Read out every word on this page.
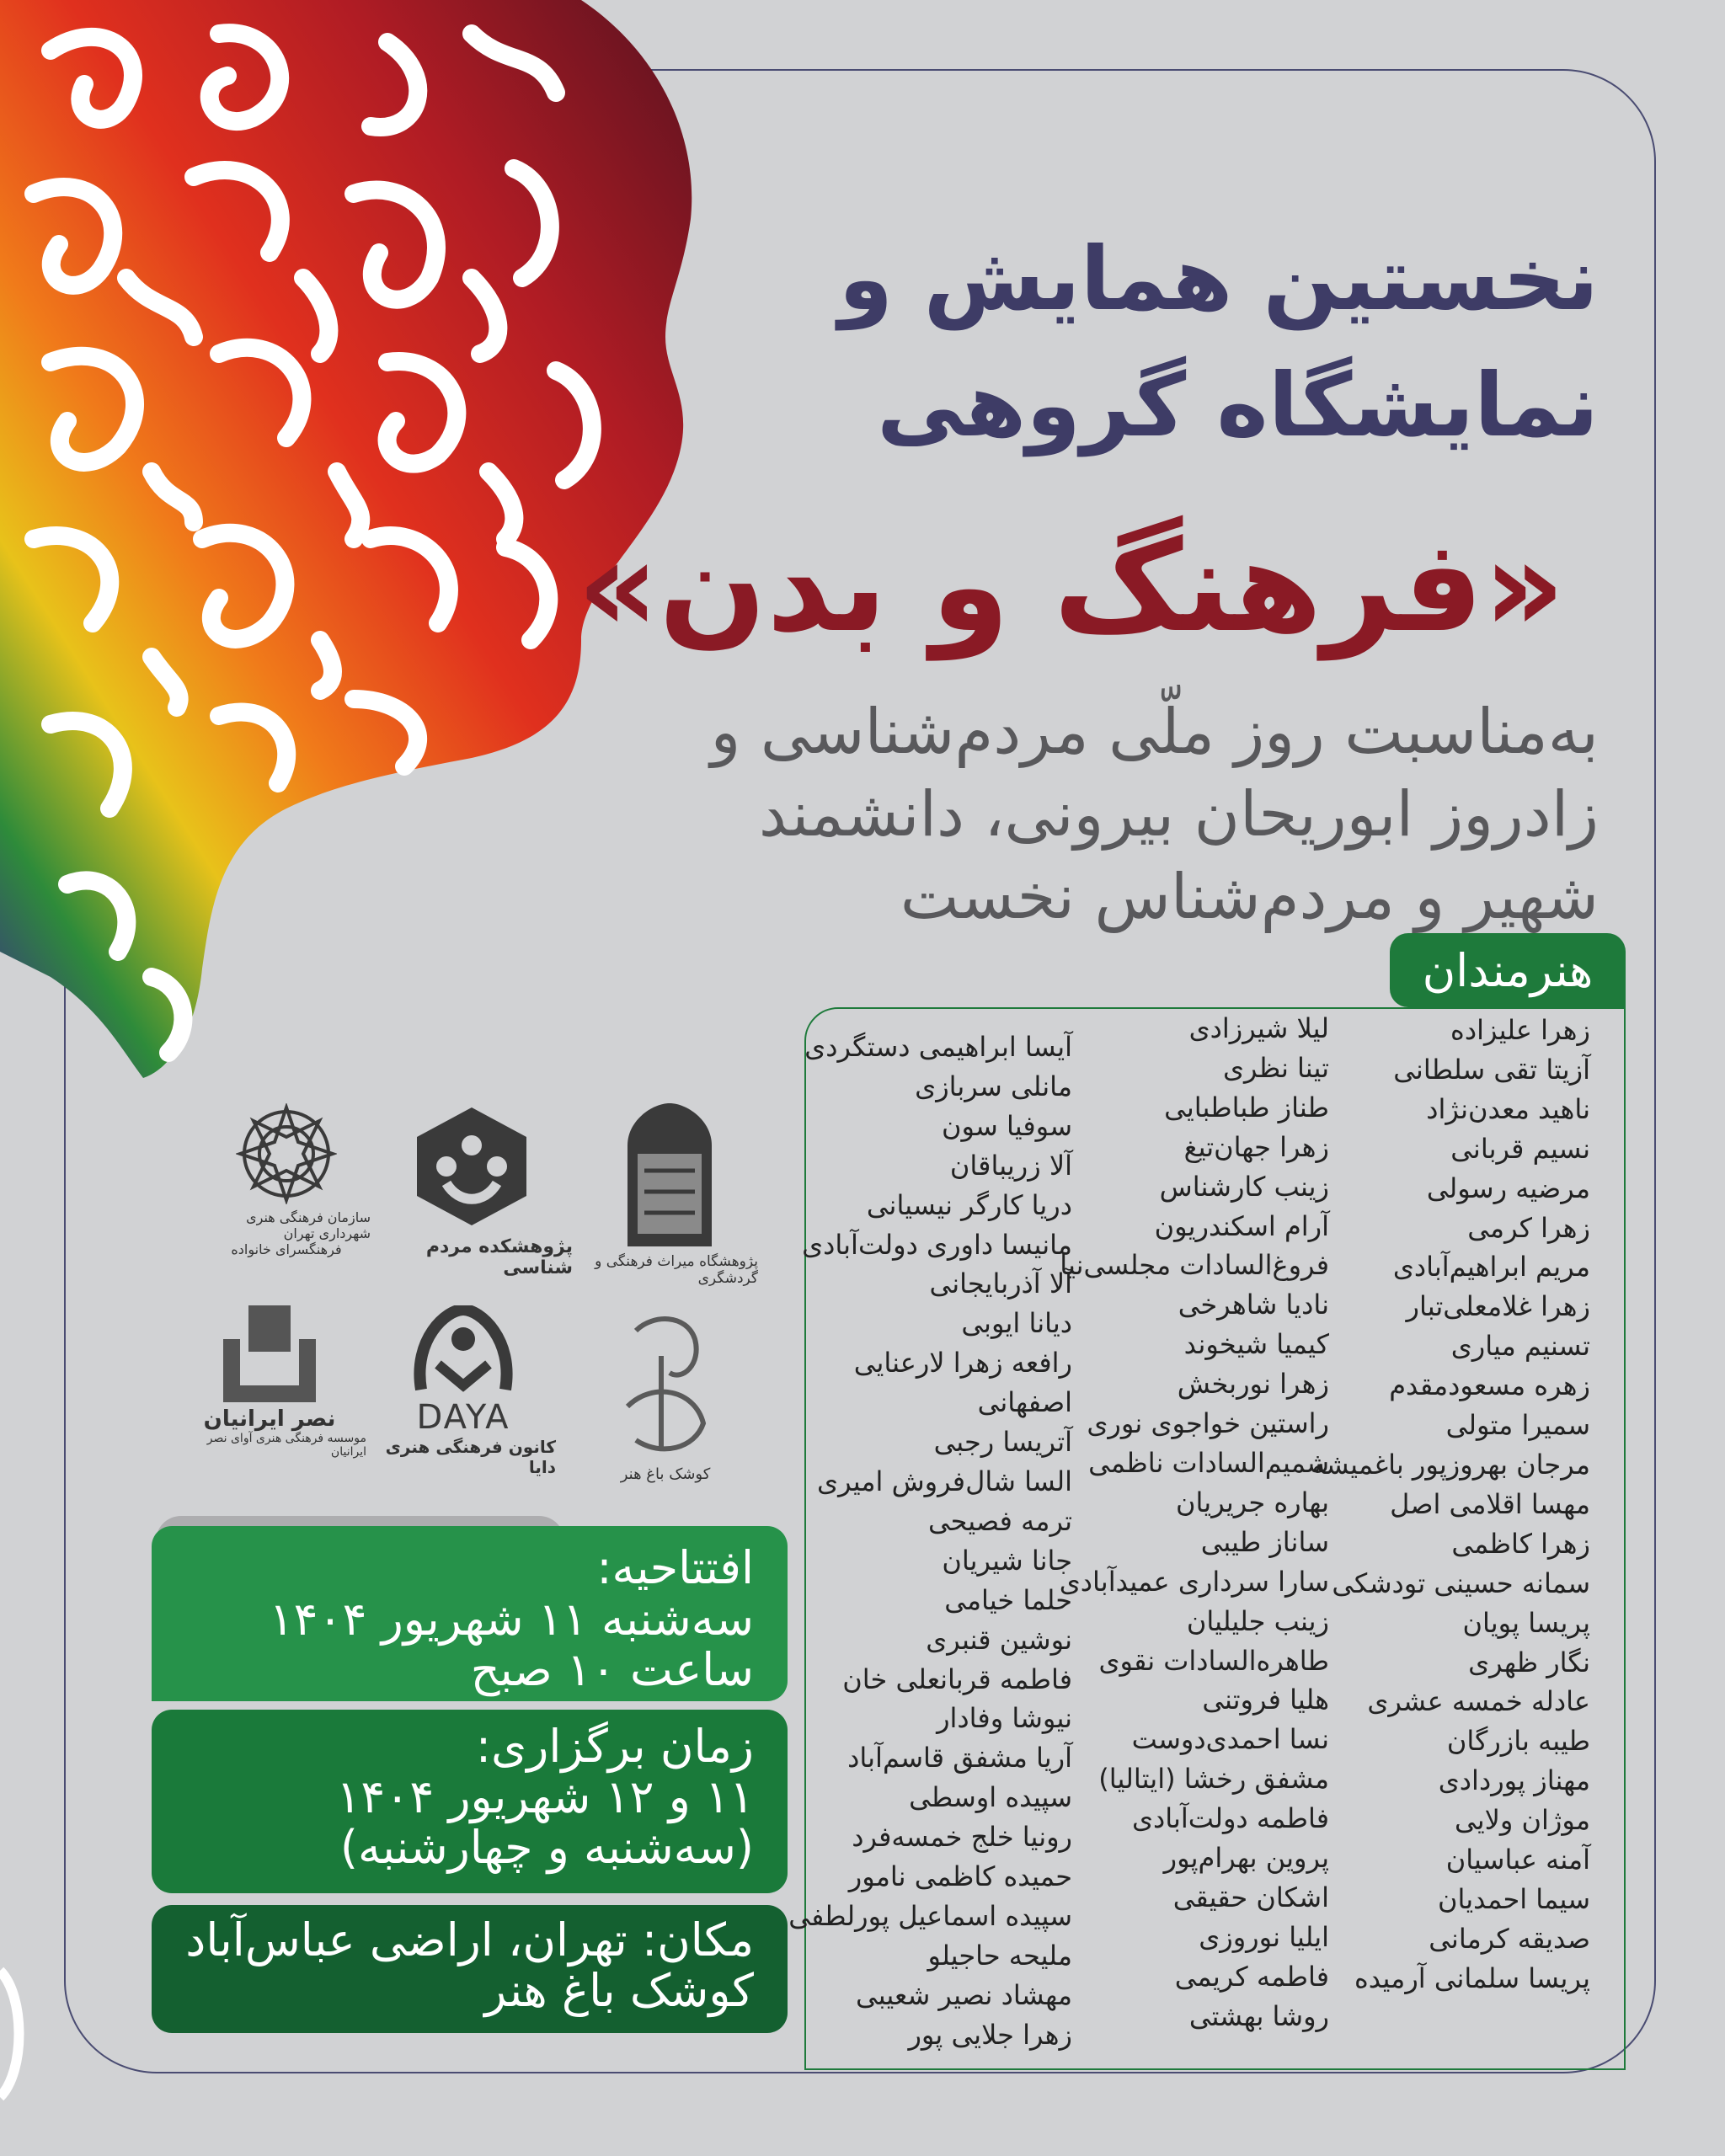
نخستین همایش و
نمایشگاه گروهی
«فرهنگ و بدن»
به‌مناسبت روز ملّی مردم‌شناسی و
زادروز ابوریحان بیرونی، دانشمند
شهیر و مردم‌شناس نخست
هنرمندان
زهرا علیزاده
آزیتا تقی سلطانی
ناهید معدن‌نژاد
نسیم قربانی
مرضیه رسولی
زهرا کرمی
مریم ابراهیم‌آبادی
زهرا غلامعلی‌تبار
تسنیم میاری
زهره مسعودمقدم
سمیرا متولی
مرجان بهروزپور باغمیشه
مهسا اقلامی اصل
زهرا کاظمی
سمانه حسینی تودشکی
پریسا پویان
نگار ظهری
عادله خمسه عشری
طیبه بازرگان
مهناز پوردادی
موژان ولایی
آمنه عباسیان
سیما احمدیان
صدیقه کرمانی
پریسا سلمانی آرمیده
لیلا شیرزادی
تینا نظری
طناز طباطبایی
زهرا جهان‌تیغ
زینب کارشناس
آرام اسکندریون
فروغ‌السادات مجلسی‌نیا
نادیا شاهرخی
کیمیا شیخوند
زهرا نوربخش
راستین خواجوی نوری
شمیم‌السادات ناظمی
بهاره جریریان
ساناز طیبی
سارا سرداری عمیدآبادی
زینب جلیلیان
طاهره‌السادات نقوی
هلیا فروتنی
نسا احمدی‌دوست
مشفق رخشا (ایتالیا)
فاطمه دولت‌آبادی
پروین بهرام‌پور
اشکان حقیقی
ایلیا نوروزی
فاطمه کریمی
روشا بهشتی
آیسا ابراهیمی دستگردی
مانلی سربازی
سوفیا سون
آلا زریباقان
دریا کارگر نیسیانی
مانیسا داوری دولت‌آبادی
آلا آذربایجانی
دیانا ایوبی
رافعه زهرا لارعنایی
اصفهانی
آتریسا رجبی
السا شال‌فروش امیری
ترمه فصیحی
جانا شیریان
حلما خیامی
نوشین قنبری
فاطمه قربانعلی خان
نیوشا وفادار
آریا مشفق قاسم‌آباد
سپیده اوسطی
رونیا خلج خمسه‌فرد
حمیده کاظمی نامور
سپیده اسماعیل پورلطفی
ملیحه حاجیلو
مهشاد نصیر شعیبی
زهرا جلایی پور
پژوهشگاه میراث فرهنگی و گردشگری
پژوهشکده مردم شناسی
سازمان فرهنگی هنری شهرداری تهران
فرهنگسرای خانواده
کوشک باغ هنر
DAYA
کانون فرهنگی هنری دایا
نصر ایرانیان
موسسه فرهنگی هنری آوای نصر ایرانیان
افتتاحیه:
سه‌شنبه ۱۱ شهریور ۱۴۰۴
ساعت ۱۰ صبح
زمان برگزاری:
۱۱ و ۱۲ شهریور ۱۴۰۴
(سه‌شنبه و چهارشنبه)
مکان: تهران، اراضی عباس‌آباد
کوشک باغ هنر
